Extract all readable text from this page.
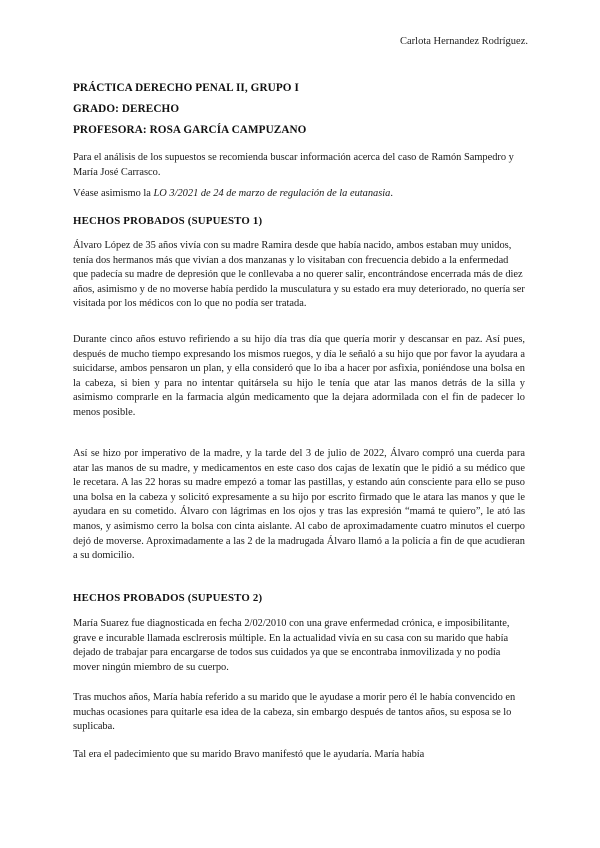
Carlota Hernandez Rodríguez.
PRÁCTICA DERECHO PENAL II, GRUPO I
GRADO: DERECHO
PROFESORA: ROSA GARCÍA CAMPUZANO
Para el análisis de los supuestos se recomienda buscar información acerca del caso de Ramón Sampedro y María José Carrasco.
Véase asimismo la LO 3/2021 de 24 de marzo de regulación de la eutanasia.
HECHOS PROBADOS (SUPUESTO 1)
Álvaro López de 35 años vivía con su madre Ramira desde que había nacido, ambos estaban muy unidos, tenía dos hermanos más que vivían a dos manzanas y lo visitaban con frecuencia debido a la enfermedad que padecía su madre de depresión que le conllevaba a no querer salir, encontrándose encerrada más de diez años, asimismo y de no moverse había perdido la musculatura y su estado era muy deteriorado, no quería ser visitada por los médicos con lo que no podía ser tratada.
Durante cinco años estuvo refiriendo a su hijo día tras día que quería morir y descansar en paz. Así pues, después de mucho tiempo expresando los mismos ruegos, y día le señaló a su hijo que por favor la ayudara a suicidarse, ambos pensaron un plan, y ella consideró que lo iba a hacer por asfixia, poniéndose una bolsa en la cabeza, si bien y para no intentar quitársela su hijo le tenía que atar las manos detrás de la silla y asimismo comprarle en la farmacia algún medicamento que la dejara adormilada con el fin de padecer lo menos posible.
Así se hizo por imperativo de la madre, y la tarde del 3 de julio de 2022, Álvaro compró una cuerda para atar las manos de su madre, y medicamentos en este caso dos cajas de lexatín que le pidió a su médico que le recetara. A las 22 horas su madre empezó a tomar las pastillas, y estando aún consciente para ello se puso una bolsa en la cabeza y solicitó expresamente a su hijo por escrito firmado que le atara las manos y que le ayudara en su cometido. Álvaro con lágrimas en los ojos y tras las expresión “mamá te quiero”, le ató las manos, y asimismo cerro la bolsa con cinta aislante. Al cabo de aproximadamente cuatro minutos el cuerpo dejó de moverse. Aproximadamente a las 2 de la madrugada Álvaro llamó a la policía a fin de que acudieran a su domicilio.
HECHOS PROBADOS (SUPUESTO 2)
María Suarez fue diagnosticada en fecha 2/02/2010 con una grave enfermedad crónica, e imposibilitante, grave e incurable llamada esclrerosis múltiple. En la actualidad vivía en su casa con su marido que había dejado de trabajar para encargarse de todos sus cuidados ya que se encontraba inmovilizada y no podía mover ningún miembro de su cuerpo.
Tras muchos años, María había referido a su marido que le ayudase a morir pero él le había convencido en muchas ocasiones para quitarle esa idea de la cabeza, sin embargo después de tantos años, su esposa se lo suplicaba.
Tal era el padecimiento que su marido Bravo manifestó que le ayudaría. María había
